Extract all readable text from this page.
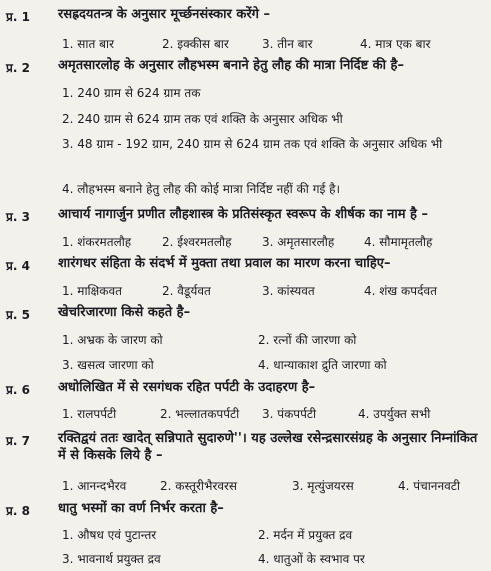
प्र. 1 रसह्रदयतन्त्र के अनुसार मूर्च्छनसंस्कार करेंगे –
1. सात बार	2. इक्कीस बार	3. तीन बार	4. मात्र एक बार
प्र. 2 अमृतसारलोह के अनुसार लौहभस्म बनाने हेतु लौह की मात्रा निर्दिष्ट की है–
1. 240 ग्राम से 624 ग्राम तक
2. 240 ग्राम से 624 ग्राम तक एवं शक्ति के अनुसार अधिक भी
3. 48 ग्राम - 192 ग्राम, 240 ग्राम से 624 ग्राम तक एवं शक्ति के अनुसार अधिक भी
4. लौहभस्म बनाने हेतु लौह की कोई मात्रा निर्दिष्ट नहीं की गई है।
प्र. 3 आचार्य नागार्जुन प्रणीत लौहशास्त्र के प्रतिसंस्कृत स्वरूप के शीर्षक का नाम है –
1. शंकरमतलौह	2. ईश्वरमतलौह	3. अमृतसारलौह 4. सौमामृतलौह
प्र. 4 शारंगधर संहिता के संदर्भ में मुक्ता तथा प्रवाल का मारण करना चाहिए–
1. माक्षिकवत	2. वैडूर्यवत	3. कांस्यवत	4. शंख कपर्दवत
प्र. 5 खेचरिजारणा किसे कहते है–
1. अभ्रक के जारण को	2. रत्नों की जारणा को
3. खसत्व जारणा को	4. धान्याकाश द्रुति जारणा को
प्र. 6 अधोलिखित में से रसगंधक रहित पर्पटी के उदाहरण है–
1. रालपर्पटी	2. भल्लातकपर्पटी 3. पंकपर्पटी	4. उपर्युक्त सभी
प्र. 7 रक्तिद्वयं ततः खादेत् सन्निपाते सुदारुणे''। यह उल्लेख रसेन्द्रसारसंग्रह के अनुसार निम्नांकित में से किसके लिये है –
1. आनन्दभैरव	2. कस्तूरीभैरवरस	3. मृत्युंजयरस	4. पंचाननवटी
प्र. 8 धातु भस्मों का वर्ण निर्भर करता है–
1. औषध एवं पुटान्तर	2. मर्दन में प्रयुक्त द्रव
3. भावनार्थ प्रयुक्त द्रव	4. धातुओं के स्वभाव पर
